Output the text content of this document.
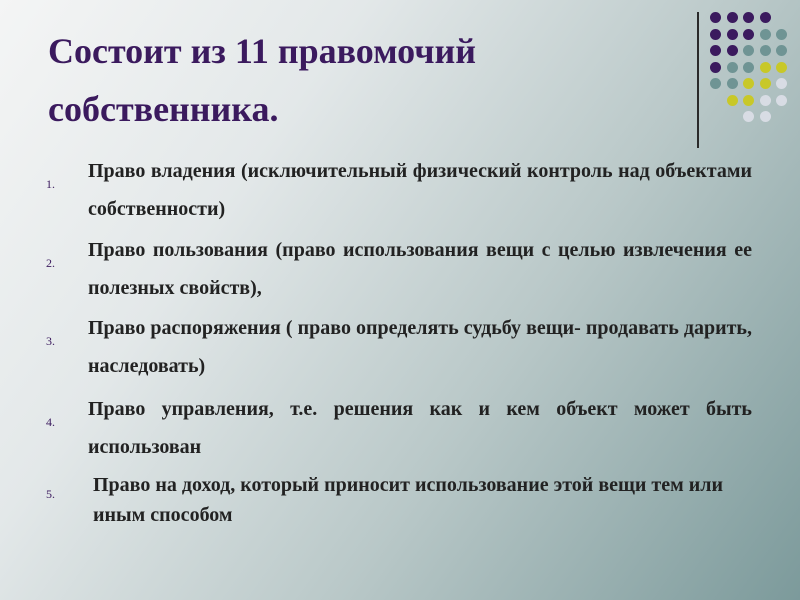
Состоит из 11 правомочий собственника.
1.
Право владения (исключительный физический контроль над объектами собственности)
2.
Право пользования (право использования вещи с целью извлечения ее полезных свойств),
3.
Право распоряжения ( право определять судьбу вещи- продавать дарить, наследовать)
4.
Право управления, т.е. решения как и кем объект может быть использован
5. Право на доход, который приносит использование этой вещи тем или иным способом
